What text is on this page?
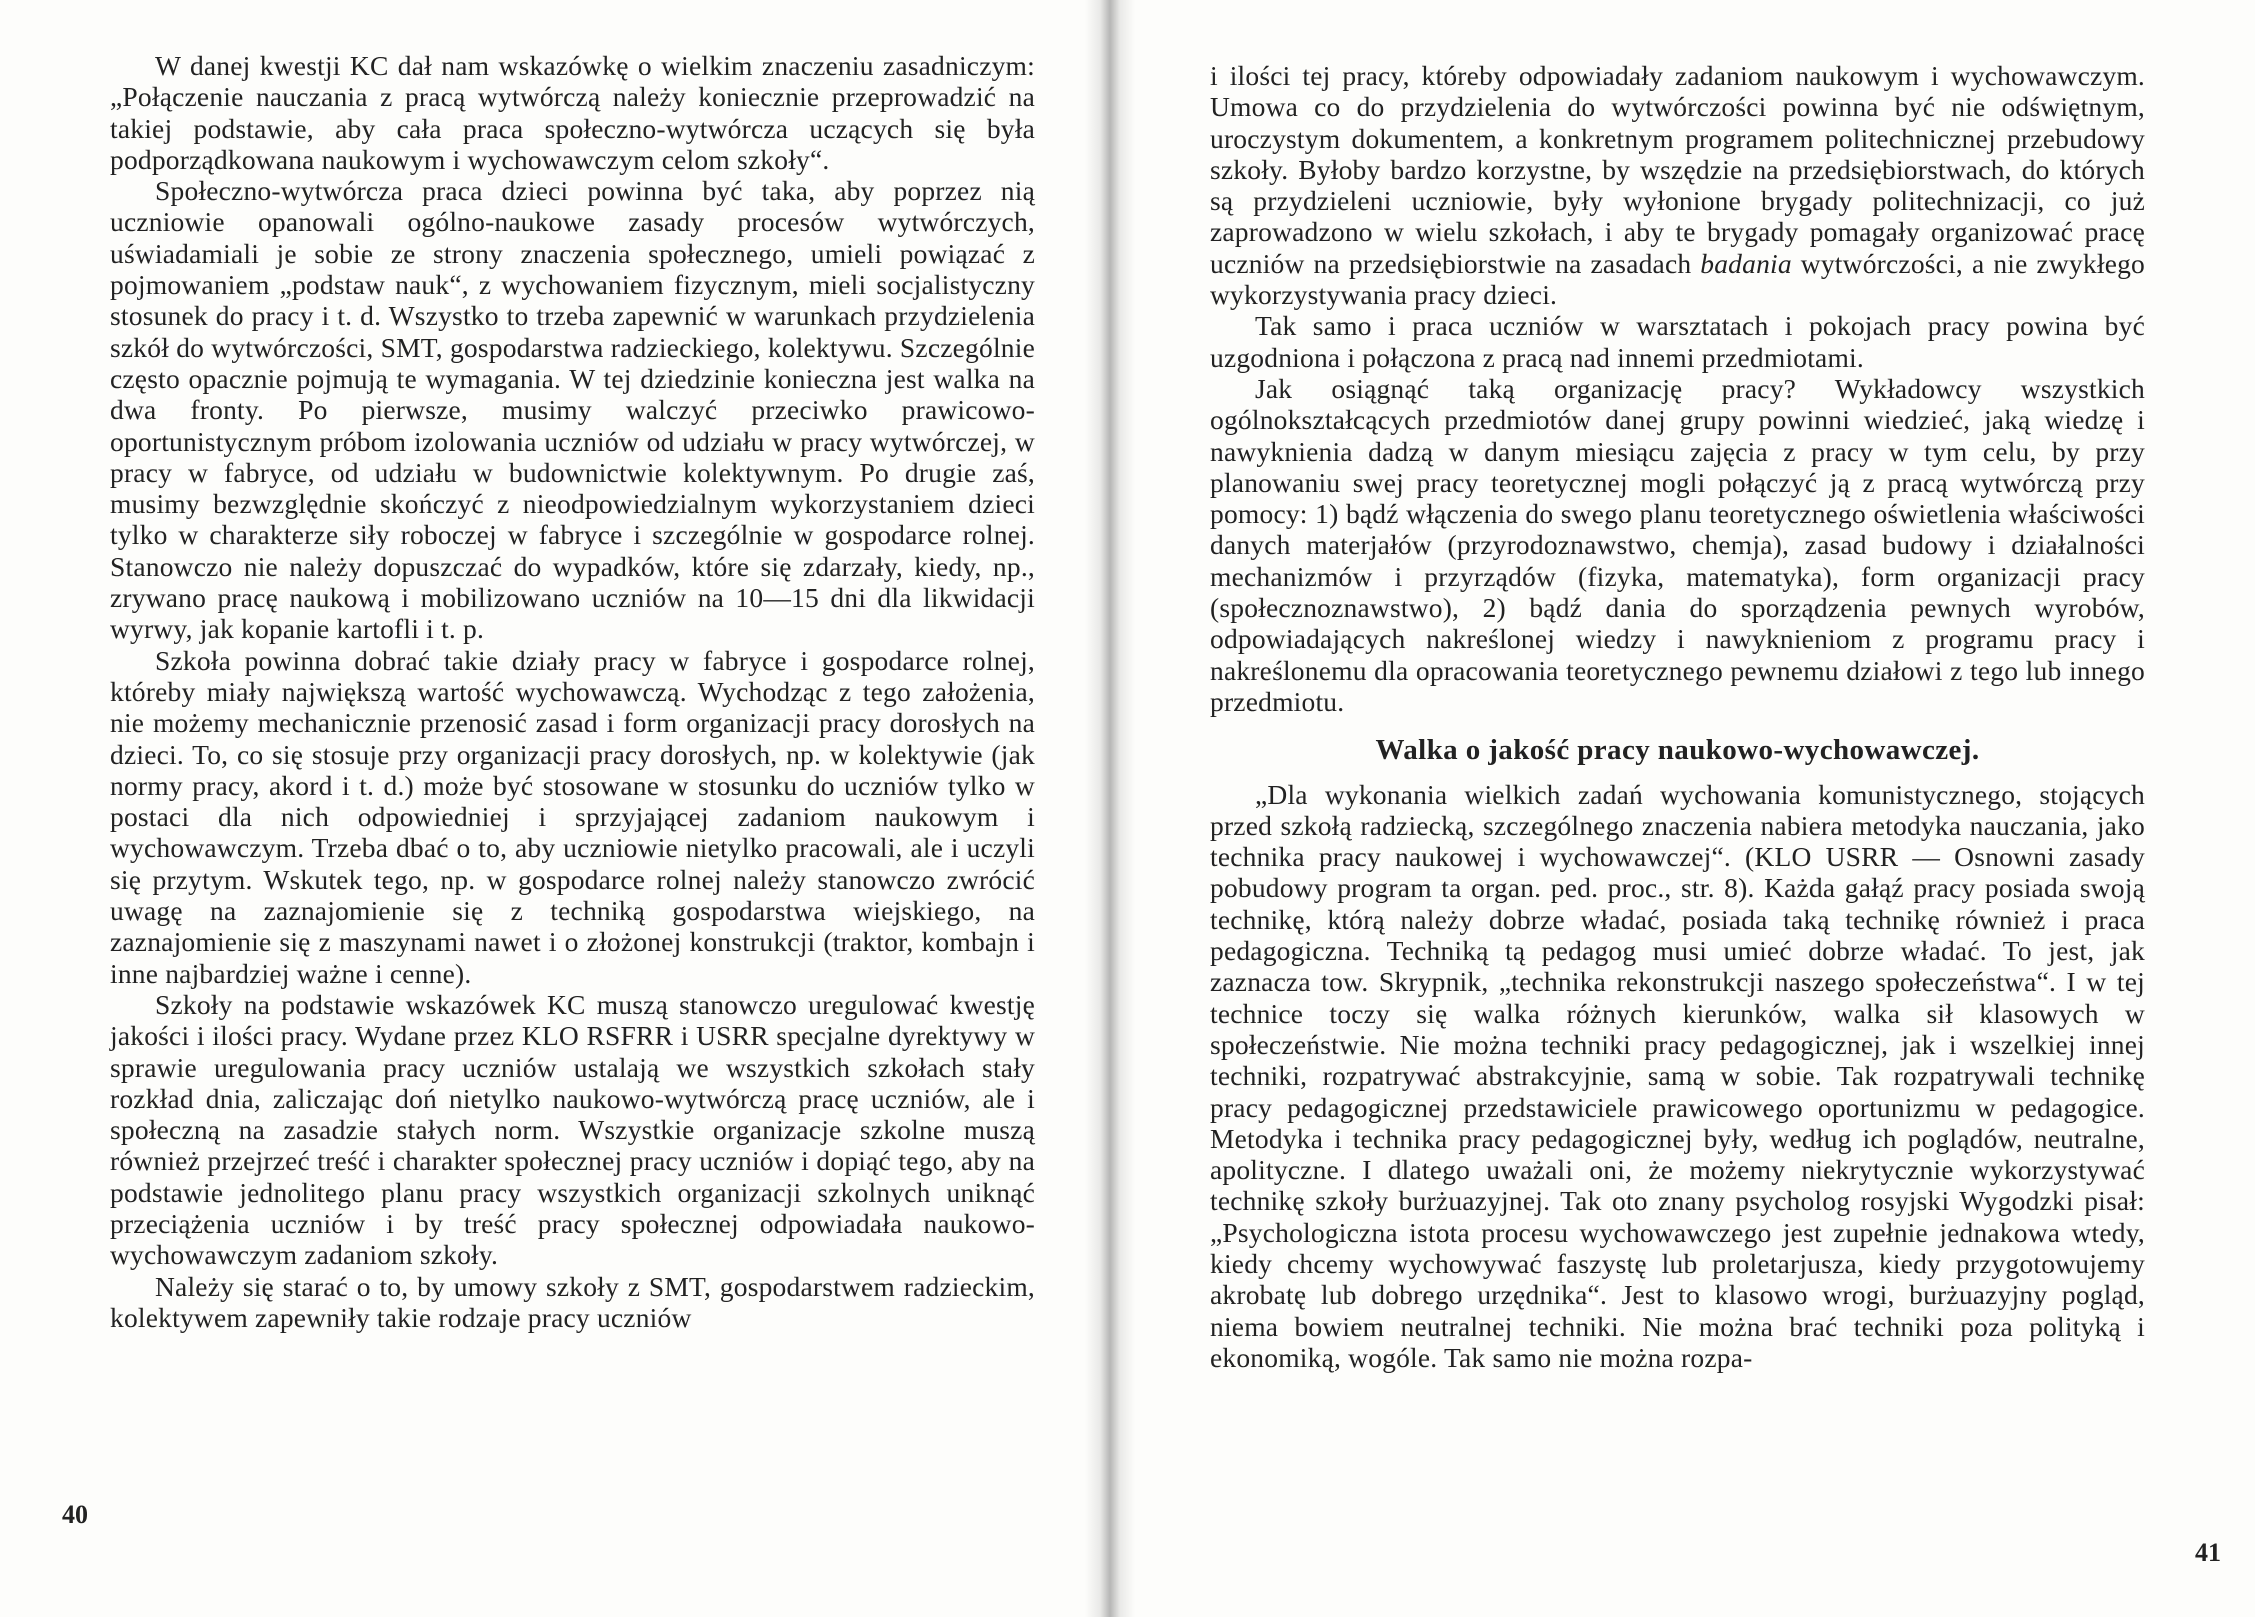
W danej kwestji KC dał nam wskazówkę o wielkim znaczeniu zasadniczym: „Połączenie nauczania z pracą wytwórczą należy koniecznie przeprowadzić na takiej podstawie, aby cała praca społeczno-wytwórcza uczących się była podporządkowana naukowym i wychowawczym celom szkoły“.

Społeczno-wytwórcza praca dzieci powinna być taka, aby poprzez nią uczniowie opanowali ogólno-naukowe zasady procesów wytwórczych, uświadamiali je sobie ze strony znaczenia społecznego, umieli powiązać z pojmowaniem „podstaw nauk“, z wychowaniem fizycznym, mieli socjalistyczny stosunek do pracy i t. d. Wszystko to trzeba zapewnić w warunkach przydzielenia szkół do wytwórczości, SMT, gospodarstwa radzieckiego, kolektywu. Szczególnie często opacznie pojmują te wymagania. W tej dziedzinie konieczna jest walka na dwa fronty. Po pierwsze, musimy walczyć przeciwko prawicowo-oportunistycznym próbom izolowania uczniów od udziału w pracy wytwórczej, w pracy w fabryce, od udziału w budownictwie kolektywnym. Po drugie zaś, musimy bezwzględnie skończyć z nieodpowiedzialnym wykorzystaniem dzieci tylko w charakterze siły roboczej w fabryce i szczególnie w gospodarce rolnej. Stanowczo nie należy dopuszczać do wypadków, które się zdarzały, kiedy, np., zrywano pracę naukową i mobilizowano uczniów na 10—15 dni dla likwidacji wyrwy, jak kopanie kartofli i t. p.

Szkoła powinna dobrać takie działy pracy w fabryce i gospodarce rolnej, któreby miały największą wartość wychowawczą. Wychodząc z tego założenia, nie możemy mechanicznie przenosić zasad i form organizacji pracy dorosłych na dzieci. To, co się stosuje przy organizacji pracy dorosłych, np. w kolektywie (jak normy pracy, akord i t. d.) może być stosowane w stosunku do uczniów tylko w postaci dla nich odpowiedniej i sprzyjającej zadaniom naukowym i wychowawczym. Trzeba dbać o to, aby uczniowie nietylko pracowali, ale i uczyli się przytym. Wskutek tego, np. w gospodarce rolnej należy stanowczo zwrócić uwagę na zaznajomienie się z techniką gospodarstwa wiejskiego, na zaznajomienie się z maszynami nawet i o złożonej konstrukcji (traktor, kombajn i inne najbardziej ważne i cenne).

Szkoły na podstawie wskazówek KC muszą stanowczo uregulować kwestję jakości i ilości pracy. Wydane przez KLO RSFRR i USRR specjalne dyrektywy w sprawie uregulowania pracy uczniów ustalają we wszystkich szkołach stały rozkład dnia, zaliczając doń nietylko naukowo-wytwórczą pracę uczniów, ale i społeczną na zasadzie stałych norm. Wszystkie organizacje szkolne muszą również przejrzeć treść i charakter społecznej pracy uczniów i dopiąć tego, aby na podstawie jednolitego planu pracy wszystkich organizacji szkolnych uniknąć przeciążenia uczniów i by treść pracy społecznej odpowiadała naukowo-wychowawczym zadaniom szkoły.

Należy się starać o to, by umowy szkoły z SMT, gospodarstwem radzieckim, kolektywem zapewniły takie rodzaje pracy uczniów

40

i ilości tej pracy, któreby odpowiadały zadaniom naukowym i wychowawczym. Umowa co do przydzielenia do wytwórczości powinna być nie odświętnym, uroczystym dokumentem, a konkretnym programem politechnicznej przebudowy szkoły. Byłoby bardzo korzystne, by wszędzie na przedsiębiorstwach, do których są przydzieleni uczniowie, były wyłonione brygady politechnizacji, co już zaprowadzono w wielu szkołach, i aby te brygady pomagały organizować pracę uczniów na przedsiębiorstwie na zasadach badania wytwórczości, a nie zwykłego wykorzystywania pracy dzieci.

Tak samo i praca uczniów w warsztatach i pokojach pracy powina być uzgodniona i połączona z pracą nad innemi przedmiotami.

Jak osiągnąć taką organizację pracy? Wykładowcy wszystkich ogólnokształcących przedmiotów danej grupy powinni wiedzieć, jaką wiedzę i nawyknienia dadzą w danym miesiącu zajęcia z pracy w tym celu, by przy planowaniu swej pracy teoretycznej mogli połączyć ją z pracą wytwórczą przy pomocy: 1) bądź włączenia do swego planu teoretycznego oświetlenia właściwości danych materjałów (przyrodoznawstwo, chemja), zasad budowy i działalności mechanizmów i przyrządów (fizyka, matematyka), form organizacji pracy (społecznoznawstwo), 2) bądź dania do sporządzenia pewnych wyrobów, odpowiadających nakreślonej wiedzy i nawyknieniom z programu pracy i nakreślonemu dla opracowania teoretycznego pewnemu działowi z tego lub innego przedmiotu.

Walka o jakość pracy naukowo-wychowawczej.

„Dla wykonania wielkich zadań wychowania komunistycznego, stojących przed szkołą radziecką, szczególnego znaczenia nabiera metodyka nauczania, jako technika pracy naukowej i wychowawczej“. (KLO USRR — Osnowni zasady pobudowy program ta organ. ped. proc., str. 8). Każda gałąź pracy posiada swoją technikę, którą należy dobrze władać, posiada taką technikę również i praca pedagogiczna. Techniką tą pedagog musi umieć dobrze władać. To jest, jak zaznacza tow. Skrypnik, „technika rekonstrukcji naszego społeczeństwa“. I w tej technice toczy się walka różnych kierunków, walka sił klasowych w społeczeństwie. Nie można techniki pracy pedagogicznej, jak i wszelkiej innej techniki, rozpatrywać abstrakcyjnie, samą w sobie. Tak rozpatrywali technikę pracy pedagogicznej przedstawiciele prawicowego oportunizmu w pedagogice. Metodyka i technika pracy pedagogicznej były, według ich poglądów, neutralne, apolityczne. I dlatego uważali oni, że możemy niekrytycznie wykorzystywać technikę szkoły burżuazyjnej. Tak oto znany psycholog rosyjski Wygodzki pisał: „Psychologiczna istota procesu wychowawczego jest zupełnie jednakowa wtedy, kiedy chcemy wychowywać faszystę lub proletarjusza, kiedy przygotowujemy akrobatę lub dobrego urzędnika“. Jest to klasowo wrogi, burżuazyjny pogląd, niema bowiem neutralnej techniki. Nie można brać techniki poza polityką i ekonomiką, wogóle. Tak samo nie można rozpa-

41
